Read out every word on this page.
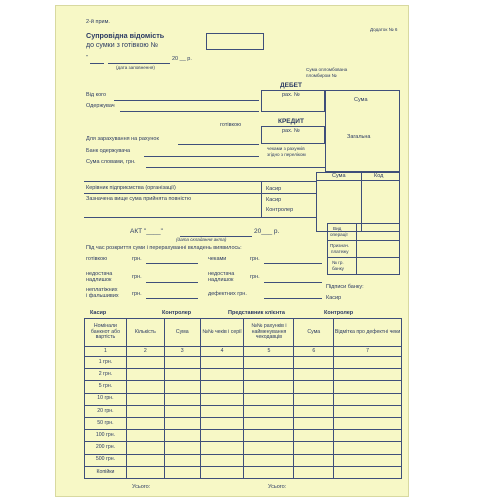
2-й прим.
Додаток № 6
Супровідна відомість
до сумки з готівкою №
"	20 __ р.
(дата заповнення)	Сума опломбована
пломбиром №
ДЕБЕТ
рах. №
Сума
Загальна
Від кого
Одержувач
готівкою	КРЕДИТ
рах. №
Для зарахування на рахунок
Банк одержувача	чеками з рахунків
згідно з переліком
Сума словами, грн.
Сума	Код
Керівник підприємства (організації)	Касир
Зазначена вище сума прийнята повністю	Касир
Контролер
АКТ "____"	20___ р.
(дата складання акта)
Під час розкриття суми і перерахуванні вкладень виявилось:
Вид
операції
Признач.
платежу
№ гр.
банку
готівкою	грн.	чеками	грн.
недостача
надлишок	грн.	недостача
надлишок	грн.
неплатіжних
і фальшивих грн.	дефектних грн.
Підписи банку:
Касир
Касир	Контролер	Представник клієнта	Контролер
Номінали банкнот або вартість	Кількість	Сума	№№ чеків і серії	№№ рахунків і найменування чекодавців	Сума	Відмітка про дефектні чеки
1	2	3	4	5	6	7
1 грн.						
2 грн.						
5 грн.						
10 грн.						
20 грн.						
50 грн.						
100 грн.						
200 грн.						
500 грн.						
Копійки						
Усього:	Усього:
